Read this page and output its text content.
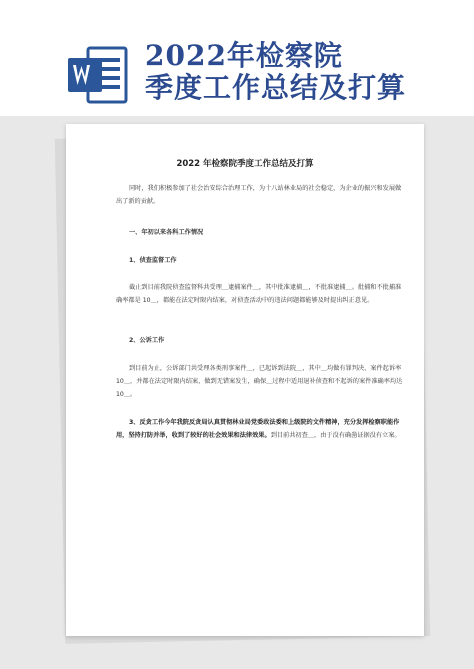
2022年检察院
季度工作总结及打算
2022 年检察院季度工作总结及打算
同时，我们积极参加了社会治安综合治理工作，为十八站林业局的社会稳定，为企业的振兴和发展做出了新的贡献。
一、年初以来各科工作情况
1、侦查监督工作
截止到目前我院侦查监督科共受理＿逮捕案件＿，其中批准逮捕＿，不批准逮捕＿。批捕和不批捕准确率都是 10＿，都能在法定时限内结案，对侦查活动中的违法问题都能够及时提出纠正意见。
2、公诉工作
到目前为止，公诉部门共受理各类刑事案件＿，已起诉到法院＿，其中＿均做有罪判决，案件起诉率 10＿，并都在法定时限内结案，做到无错案发生，确保＿过程中适用退补侦查和不起诉的案件准确率均达 10＿。
3、反贪工作今年我院反贪局认真贯彻林业局党委政法委和上级院的文件精神，充分发挥检察职能作用，坚持打防并举，收到了较好的社会效果和法律效果。到目前共初查＿，由于没有确凿证据没有立案。
